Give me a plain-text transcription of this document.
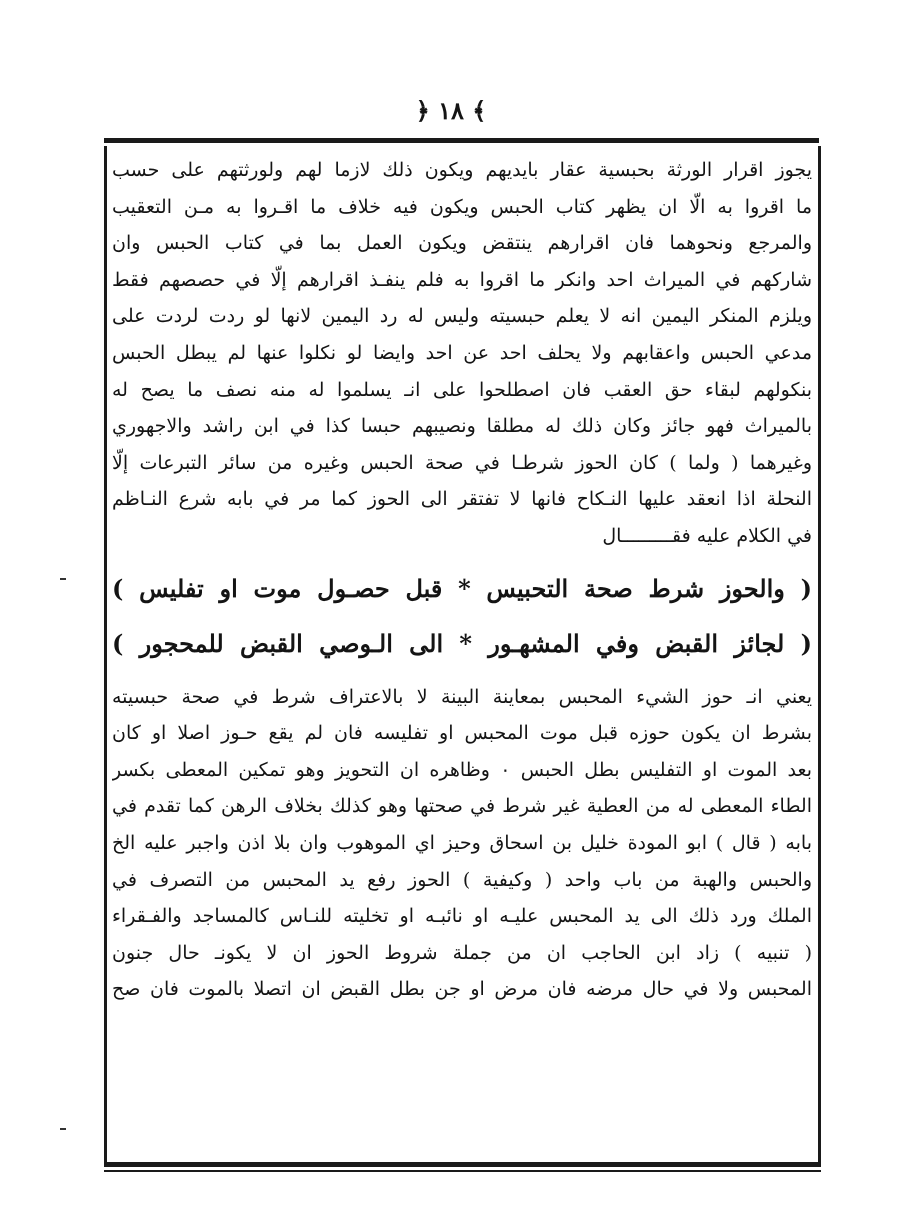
﴿ ١٨ ﴾
يجوز اقرار الورثة بحبسية عقار بايديهم ويكون ذلك لازما لهم ولورثتهم على حسب
ما اقروا به الّا ان يظهر كتاب الحبس ويكون فيه خلاف ما اقـروا به مـن التعقيب
والمرجع ونحوهما فان اقرارهم ينتقض ويكون العمل بما في كتاب الحبس وان
شاركهم في الميراث احد وانكر ما اقروا به فلم ينفـذ اقرارهم إلّا في حصصهم فقط
ويلزم المنكر اليمين انه لا يعلم حبسيته وليس له رد اليمين لانها لو ردت لردت على
مدعي الحبس واعقابهم ولا يحلف احد عن احد وايضا لو نكلوا عنها لم يبطل الحبس
بنكولهم لبقاء حق العقب فان اصطلحوا على انـ يسلموا له منه نصف ما يصح له
بالميراث فهو جائز وكان ذلك له مطلقا ونصيبهم حبسا كذا في ابن راشد والاجهوري
وغيرهما ( ولما ) كان الحوز شرطـا في صحة الحبس وغيره من سائر التبرعات إلّا
النحلة اذا انعقد عليها النـكاح فانها لا تفتقر الى الحوز كما مر في بابه شرع النـاظم
في الكلام عليه فقـــــــــال
( والحوز شرط صحة التحبيس * قبل حصـول موت او تفليس )
( لجائز القبض وفي المشهـور * الى الـوصي القبض للمحجور )
يعني انـ حوز الشيء المحبس بمعاينة البينة لا بالاعتراف شرط في صحة حبسيته
بشرط ان يكون حوزه قبل موت المحبس او تفليسه فان لم يقع حـوز اصلا او كان
بعد الموت او التفليس بطل الحبس ٠ وظاهره ان التحويز وهو تمكين المعطى بكسر
الطاء المعطى له من العطية غير شرط في صحتها وهو كذلك بخلاف الرهن كما تقدم في
بابه ( قال ) ابو المودة خليل بن اسحاق وحيز اي الموهوب وان بلا اذن واجبر عليه الخ
والحبس والهبة من باب واحد ( وكيفية ) الحوز رفع يد المحبس من التصرف في
الملك ورد ذلك الى يد المحبس عليـه او نائبـه او تخليته للنـاس كالمساجد والفـقراء
( تنبيه ) زاد ابن الحاجب ان من جملة شروط الحوز ان لا يكونـ حال جنون
المحبس ولا في حال مرضه فان مرض او جن بطل القبض ان اتصلا بالموت فان صح
